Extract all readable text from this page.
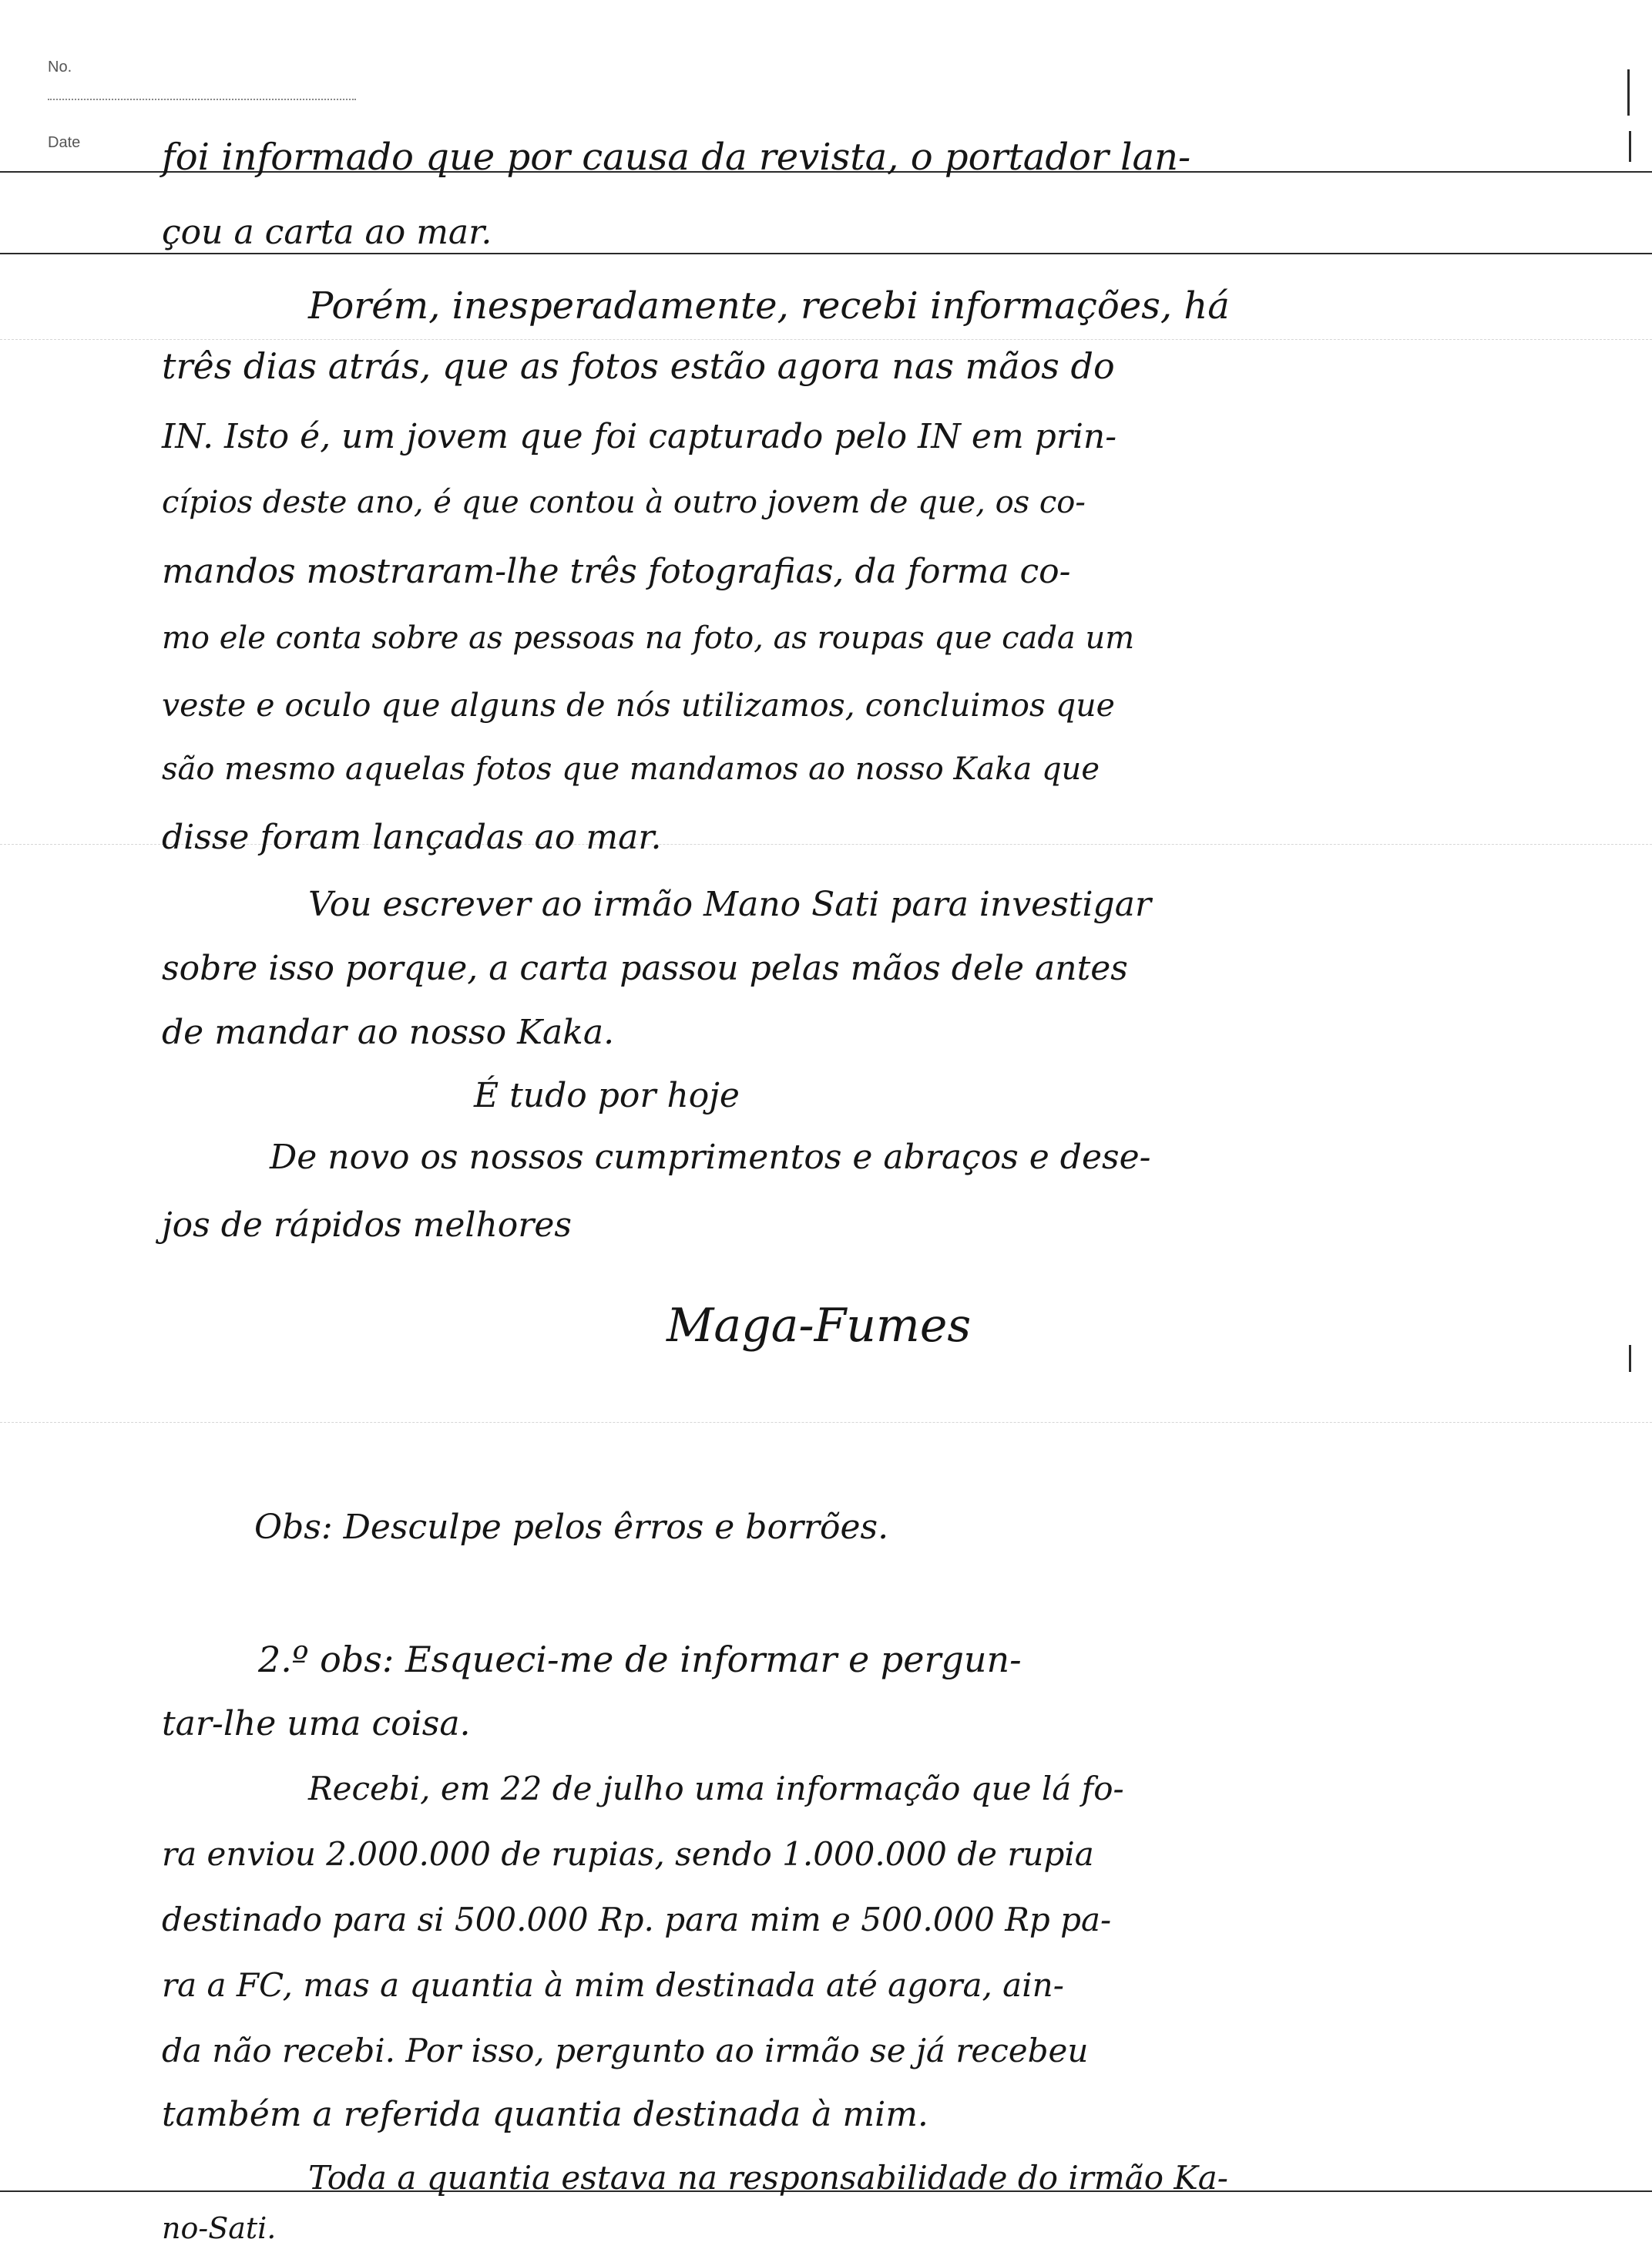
No.
Date foi informado que por causa da revista, o portador lan-
çou a carta ao mar.
Porém, inesperadamente, recebi informações, há
três dias atrás, que as fotos estão agora nas mãos do
IN. Isto é, um jovem que foi capturado pelo IN em prin-
cípios deste ano, é que contou à outro jovem de que, os co-
mandos mostraram-lhe três fotografias, da forma co-
mo ele conta sobre as pessoas na foto, as roupas que cada um
veste e oculo que alguns de nós utilizamos, concluimos que
são mesmo aquelas fotos que mandamos ao nosso Kaka que
disse foram lançadas ao mar.
Vou escrever ao irmão Mano Sati para investigar
sobre isso porque, a carta passou pelas mãos dele antes
de mandar ao nosso Kaka.
É tudo por hoje
De novo os nossos cumprimentos e abraços e dese-
jos de rápidos melhores
Maga-Fumes
Obs: Desculpe pelos êrros e borrões.
2.º obs: Esqueci-me de informar e pergun-
tar-lhe uma coisa.
Recebi, em 22 de julho uma informação que lá fo-
ra enviou 2.000.000 de rupias, sendo 1.000.000 de rupia
destinado para si 500.000 Rp. para mim e 500.000 Rp pa-
ra a FC, mas a quantia à mim destinada até agora, ain-
da não recebi. Por isso, pergunto ao irmão se já recebeu
também a referida quantia destinada à mim.
Toda a quantia estava na responsabilidade do irmão Ka-
no-Sati.
